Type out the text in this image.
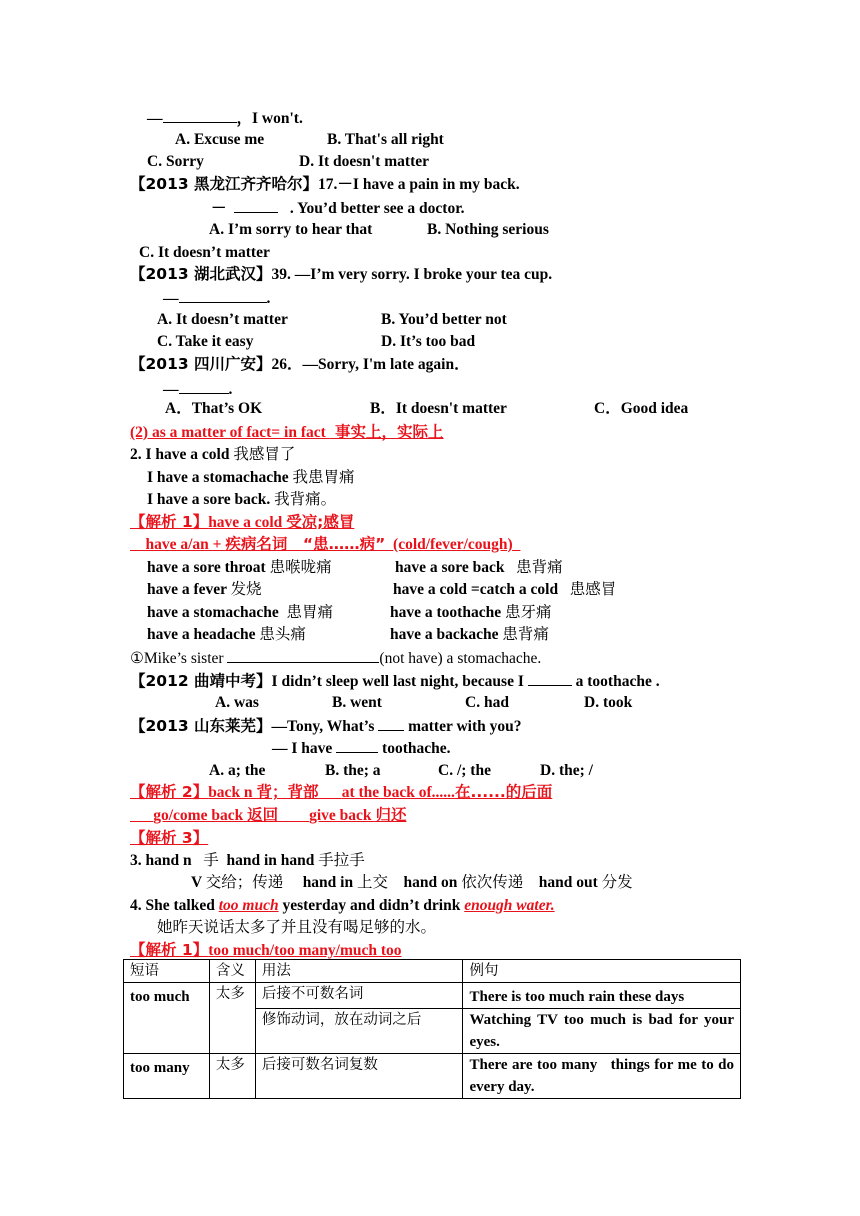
—	，I won't.
A. Excuse me	B. That's all right
C. Sorry	D. It doesn't matter
【2013 黑龙江齐齐哈尔】17.－I have a pain in my back.
－	. You’d better see a doctor.
A. I’m sorry to hear that	B. Nothing serious
C. It doesn’t matter
【2013 湖北武汉】39. —I’m very sorry. I broke your tea cup.
—	.
A. It doesn’t matter	B. You’d better not
C. Take it easy	D. It’s too bad
【2013 四川广安】26．—Sorry, I'm late again．
—	.
A．That’s OK	B．It doesn't matter	C．Good idea
(2) as a matter of fact= in fact  事实上，实际上
2. I have a cold 我感冒了
I have a stomachache 我患胃痛
I have a sore back. 我背痛。
【解析 1】have a cold 受凉;感冒
have a/an + 疾病名词 “患……病” (cold/fever/cough)
have a sore throat 患喉咙痛	have a sore back   患背痛
have a fever 发烧	have a cold =catch a cold   患感冒
have a stomachache  患胃痛	have a toothache 患牙痛
have a headache 患头痛	have a backache 患背痛
①Mike’s sister	(not have) a stomachache.
【2012 曲靖中考】I didn’t sleep well last night, because I	a toothache .
A. was	B. went	C. had	D. took
【2013 山东莱芜】—Tony, What’s  matter with you?
— I have	toothache.
A. a; the	B. the; a	C. /; the	D. the; /
【解析 2】back n 背；背部 at the back of......在......的后面
go/come back 返回 give back 归还
【解析 3】
3. hand n   手 hand in hand 手拉手
V 交给；传递 hand in 上交 hand on 依次传递 hand out 分发
4. She talked too much yesterday and didn’t drink enough water.
她昨天说话太多了并且没有喝足够的水。
【解析 1】too much/too many/much too
短语	含义	用法	例句
too much	太多	后接不可数名词	There is too much rain these days
		修饰动词，放在动词之后	Watching TV too much is bad for your eyes.
too many	太多	后接可数名词复数	There are too many   things for me to do every day.
